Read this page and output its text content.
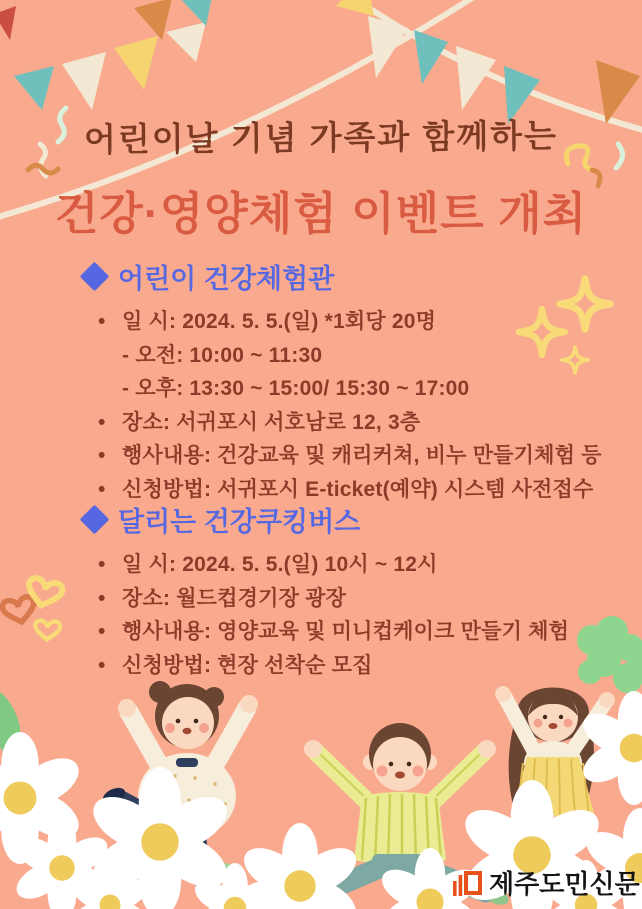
어린이날 기념 가족과 함께하는
건강·영양체험 이벤트 개최
어린이 건강체험관
• 일 시: 2024. 5. 5.(일) *1회당 20명
- 오전: 10:00 ~ 11:30
- 오후: 13:30 ~ 15:00/ 15:30 ~ 17:00
• 장소: 서귀포시 서호남로 12, 3층
• 행사내용: 건강교육 및 캐리커쳐, 비누 만들기체험 등
• 신청방법: 서귀포시 E-ticket(예약) 시스템 사전접수
달리는 건강쿠킹버스
• 일 시: 2024. 5. 5.(일) 10시 ~ 12시
• 장소: 월드컵경기장 광장
• 행사내용: 영양교육 및 미니컵케이크 만들기 체험
• 신청방법: 현장 선착순 모집
제주도민신문
